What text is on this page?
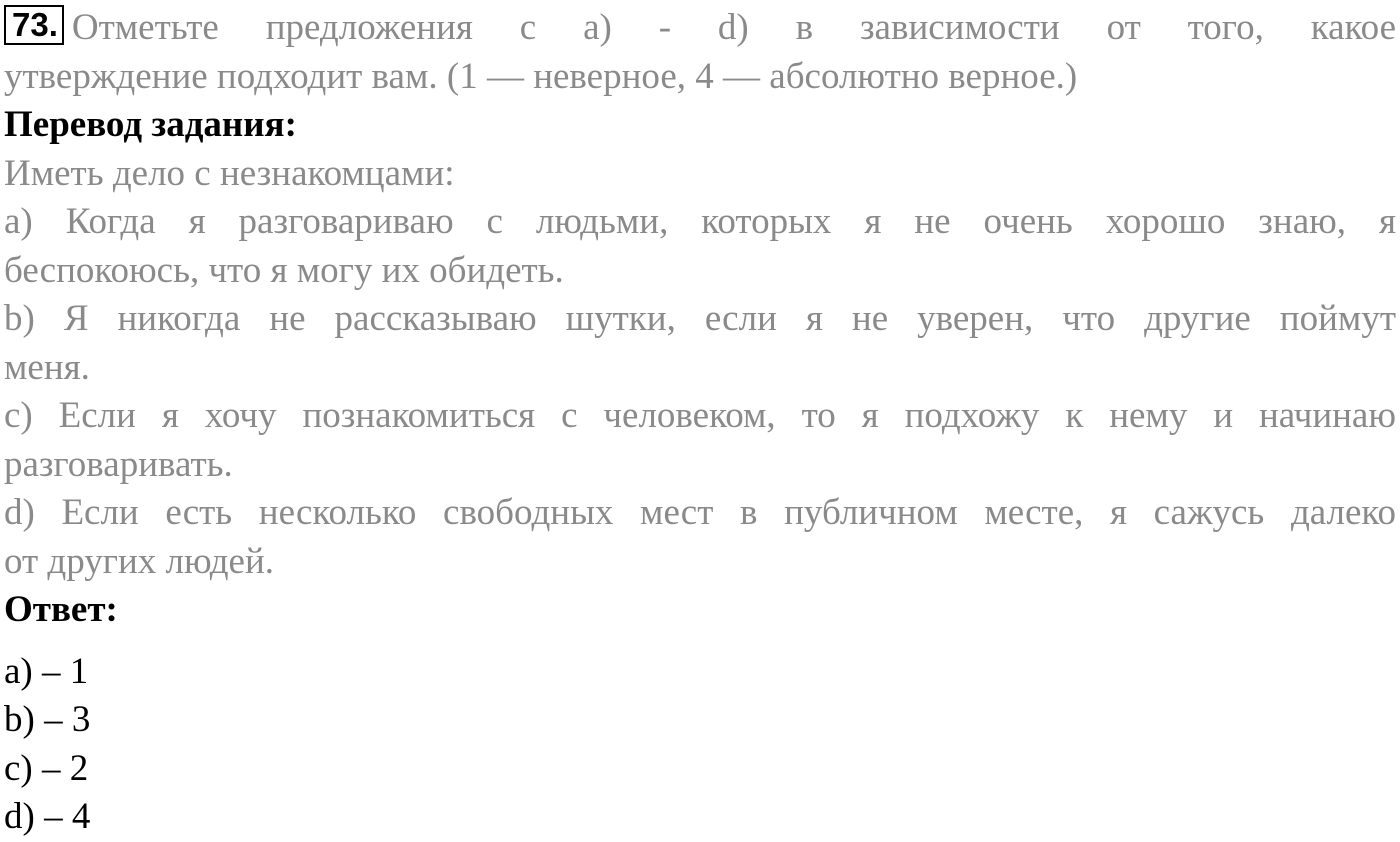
73. Отметьте предложения с а) - d) в зависимости от того, какое
утверждение подходит вам. (1 — неверное, 4 — абсолютно верное.)
Перевод задания:
Иметь дело с незнакомцами:
а) Когда я разговариваю с людьми, которых я не очень хорошо знаю, я
беспокоюсь, что я могу их обидеть.
b) Я никогда не рассказываю шутки, если я не уверен, что другие поймут
меня.
c) Если я хочу познакомиться с человеком, то я подхожу к нему и начинаю
разговаривать.
d) Если есть несколько свободных мест в публичном месте, я сажусь далеко
от других людей.
Ответ:
а) – 1
b) – 3
c) – 2
d) – 4
